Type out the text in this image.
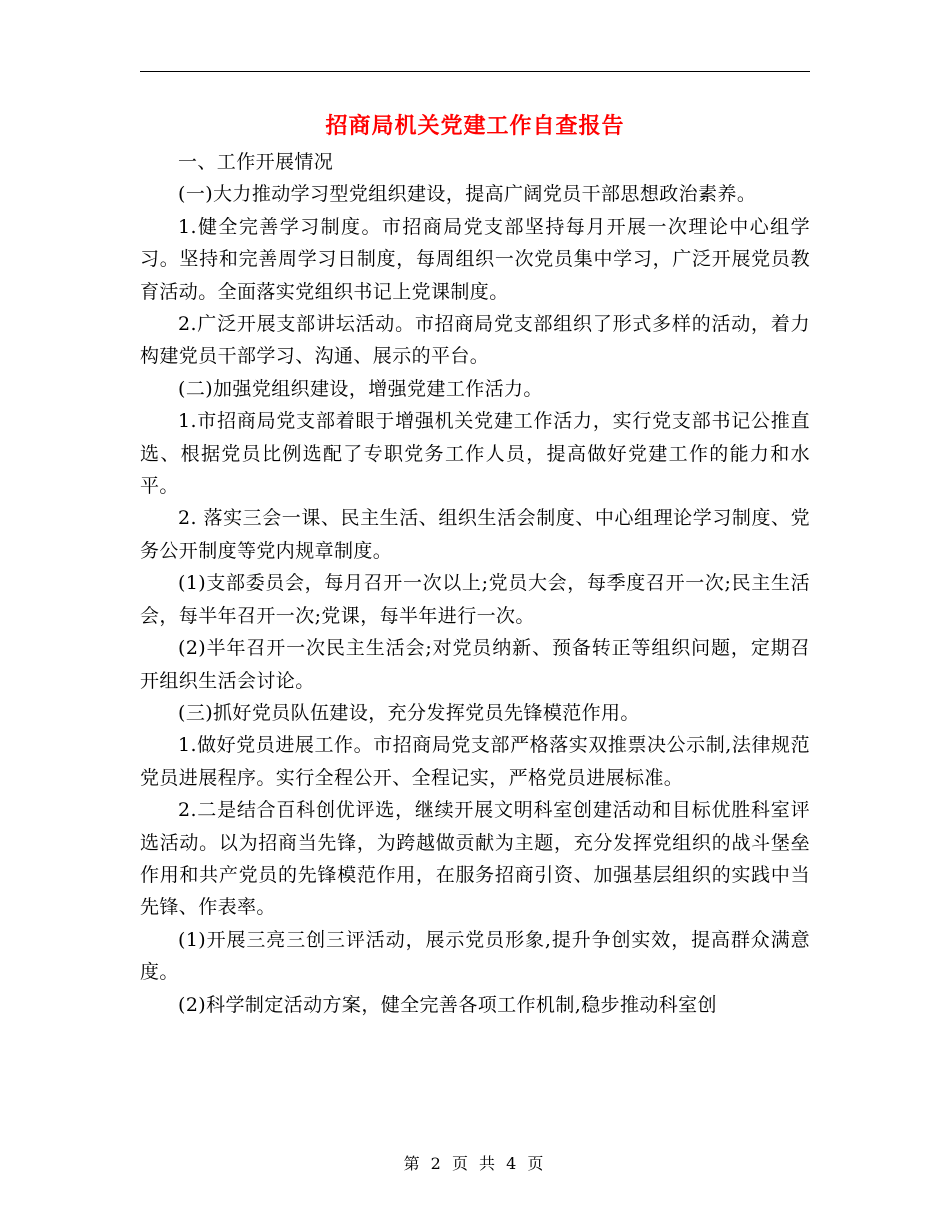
招商局机关党建工作自查报告

一、工作开展情况

(一)大力推动学习型党组织建设，提高广阔党员干部思想政治素养。

1.健全完善学习制度。市招商局党支部坚持每月开展一次理论中心组学习。坚持和完善周学习日制度，每周组织一次党员集中学习，广泛开展党员教育活动。全面落实党组织书记上党课制度。

2.广泛开展支部讲坛活动。市招商局党支部组织了形式多样的活动，着力构建党员干部学习、沟通、展示的平台。

(二)加强党组织建设，增强党建工作活力。

1.市招商局党支部着眼于增强机关党建工作活力，实行党支部书记公推直选、根据党员比例选配了专职党务工作人员，提高做好党建工作的能力和水平。

2. 落实三会一课、民主生活、组织生活会制度、中心组理论学习制度、党务公开制度等党内规章制度。

(1)支部委员会，每月召开一次以上;党员大会，每季度召开一次;民主生活会，每半年召开一次;党课，每半年进行一次。

(2)半年召开一次民主生活会;对党员纳新、预备转正等组织问题，定期召开组织生活会讨论。

(三)抓好党员队伍建设，充分发挥党员先锋模范作用。

1.做好党员进展工作。市招商局党支部严格落实双推票决公示制,法律规范党员进展程序。实行全程公开、全程记实，严格党员进展标准。

2.二是结合百科创优评选，继续开展文明科室创建活动和目标优胜科室评选活动。以为招商当先锋，为跨越做贡献为主题，充分发挥党组织的战斗堡垒作用和共产党员的先锋模范作用，在服务招商引资、加强基层组织的实践中当先锋、作表率。

(1)开展三亮三创三评活动，展示党员形象,提升争创实效，提高群众满意度。

(2)科学制定活动方案，健全完善各项工作机制,稳步推动科室创

第 2 页 共 4 页
